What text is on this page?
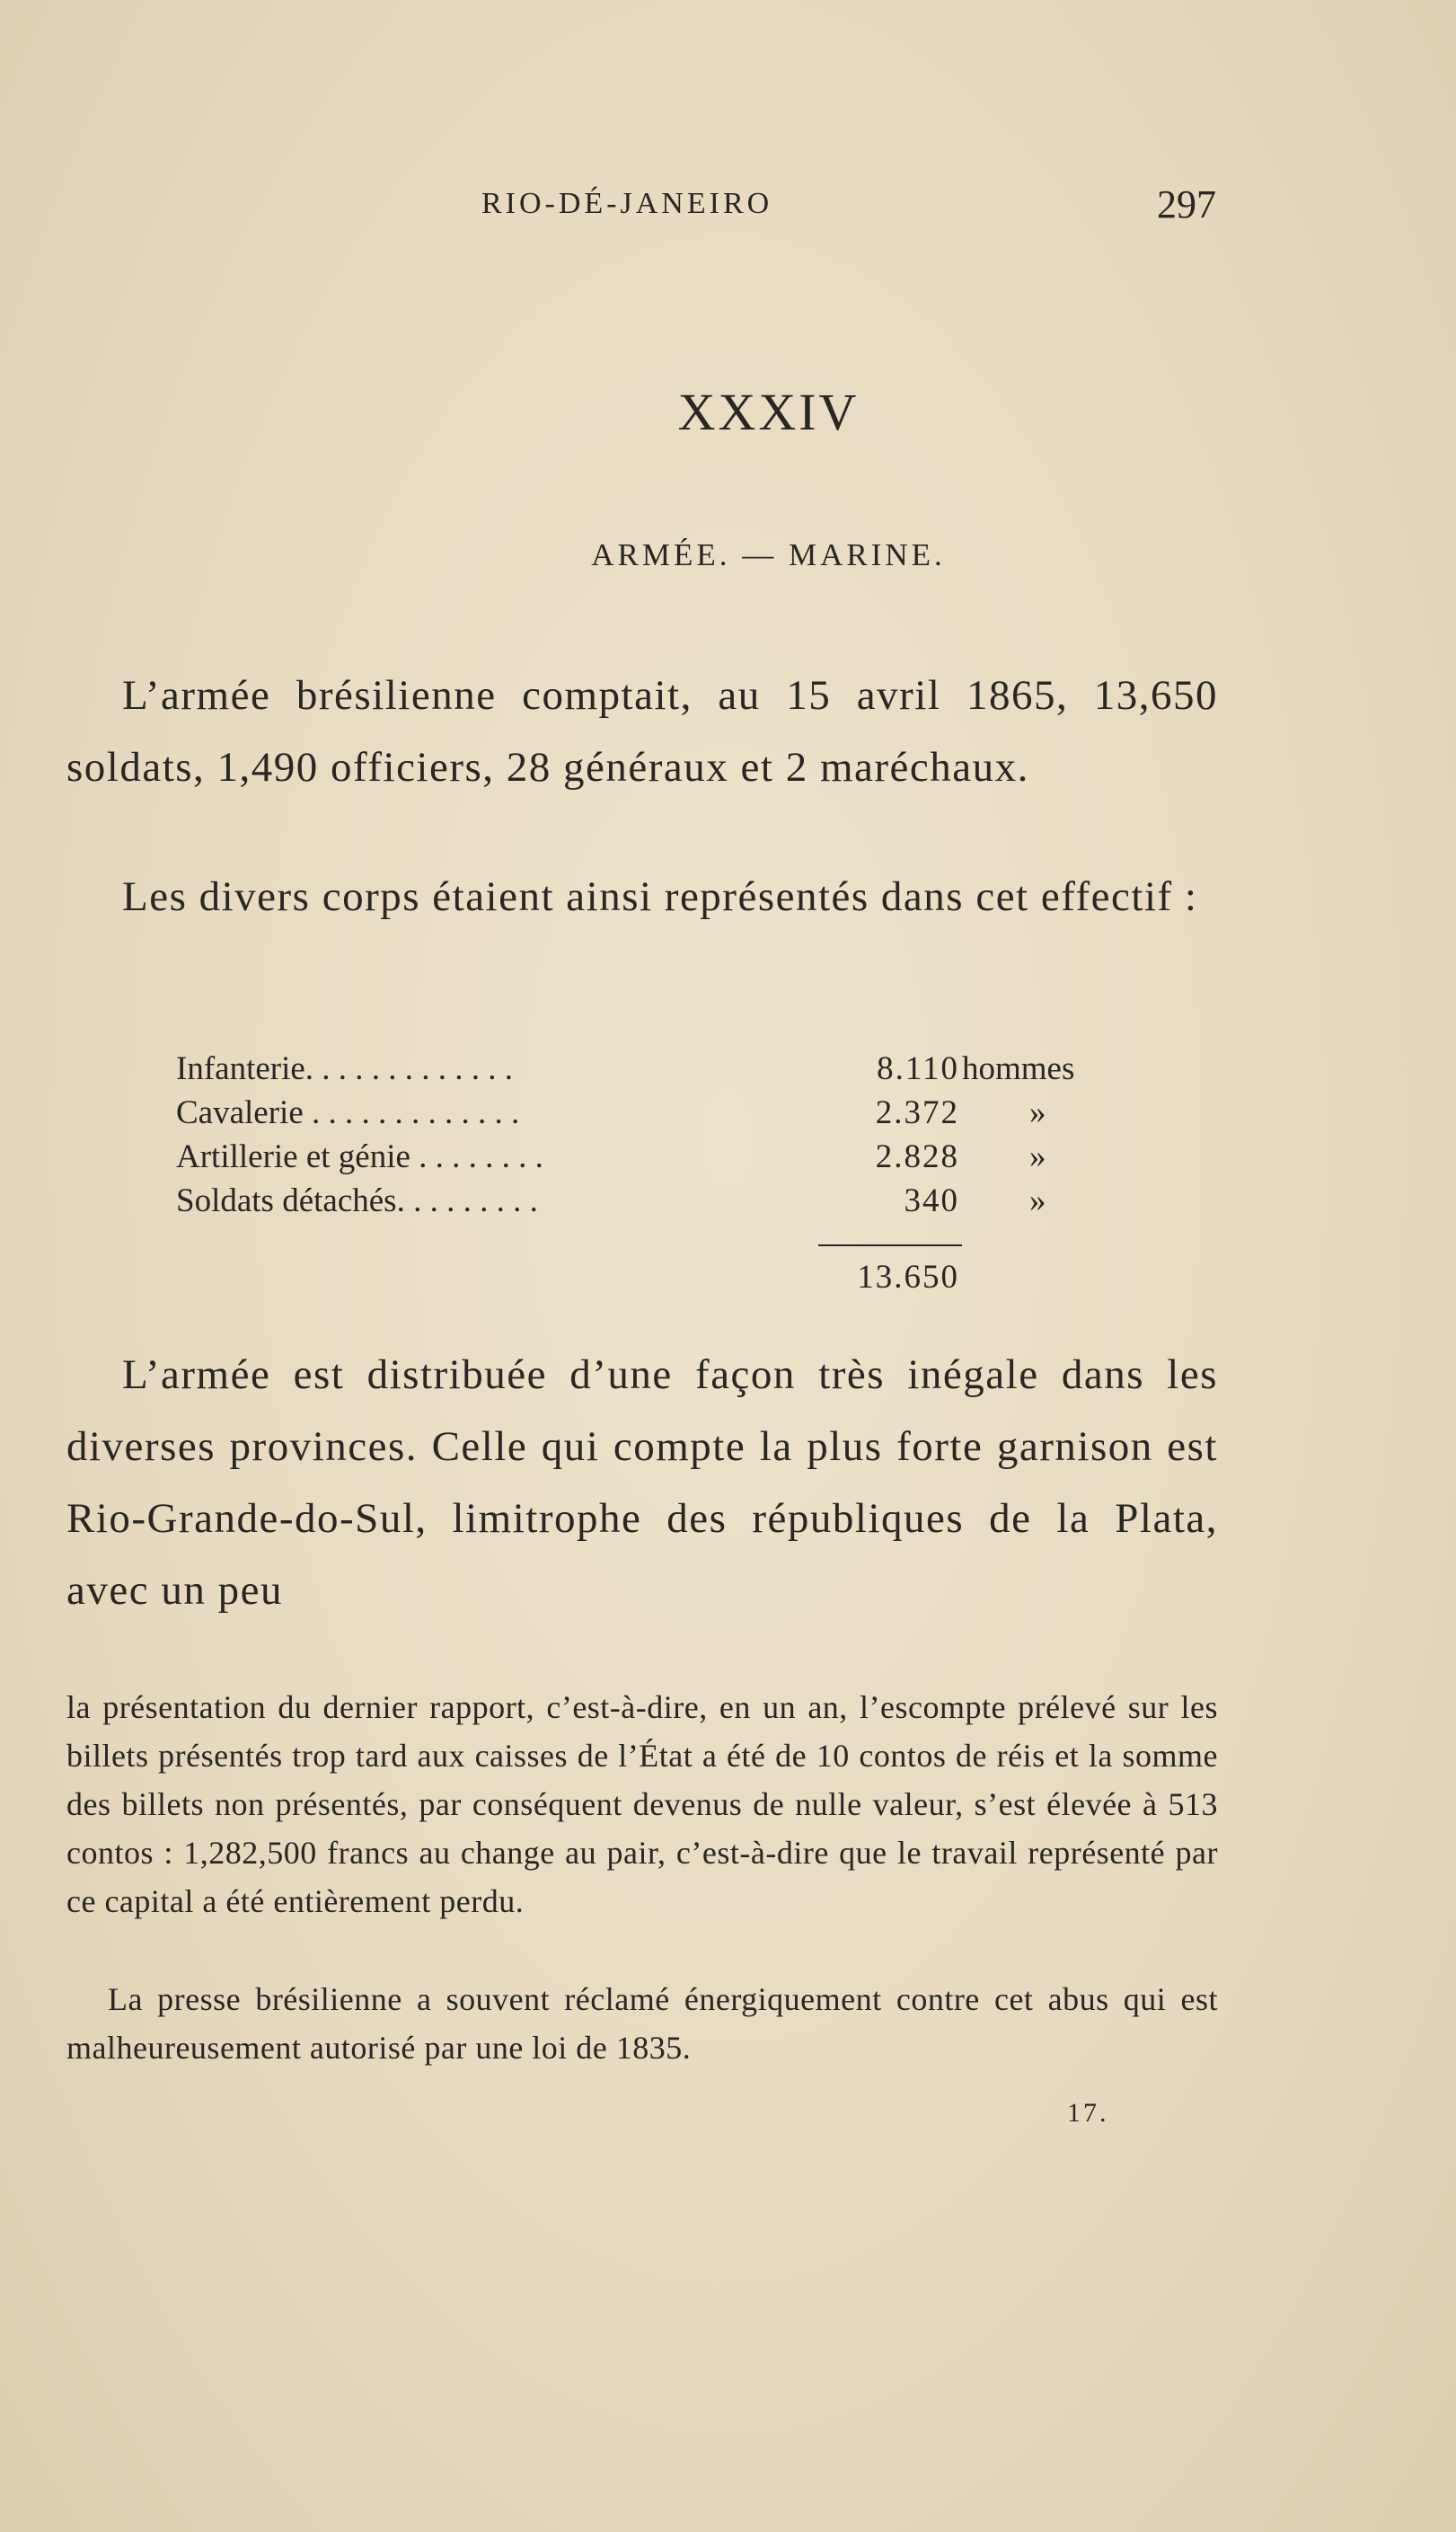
RIO-DÉ-JANEIRO	297
XXXIV
ARMÉE. — MARINE.

L’armée brésilienne comptait, au 15 avril 1865, 13,650 soldats, 1,490 officiers, 28 généraux et 2 maréchaux.

Les divers corps étaient ainsi représentés dans cet effectif :

Infanterie. . . . . . . . . . . . .	8.110 hommes
Cavalerie . . . . . . . . . . . . .	2.372 »
Artillerie et génie . . . . . . . .	2.828 »
Soldats détachés. . . . . . . . .	340 »
13.650

L’armée est distribuée d’une façon très inégale dans les diverses provinces. Celle qui compte la plus forte garnison est Rio-Grande-do-Sul, limitrophe des républiques de la Plata, avec un peu

la présentation du dernier rapport, c’est-à-dire, en un an, l’escompte prélevé sur les billets présentés trop tard aux caisses de l’État a été de 10 contos de réis et la somme des billets non présentés, par conséquent devenus de nulle valeur, s’est élevée à 513 contos : 1,282,500 francs au change au pair, c’est-à-dire que le travail représenté par ce capital a été entièrement perdu.

La presse brésilienne a souvent réclamé énergiquement contre cet abus qui est malheureusement autorisé par une loi de 1835.

17.
